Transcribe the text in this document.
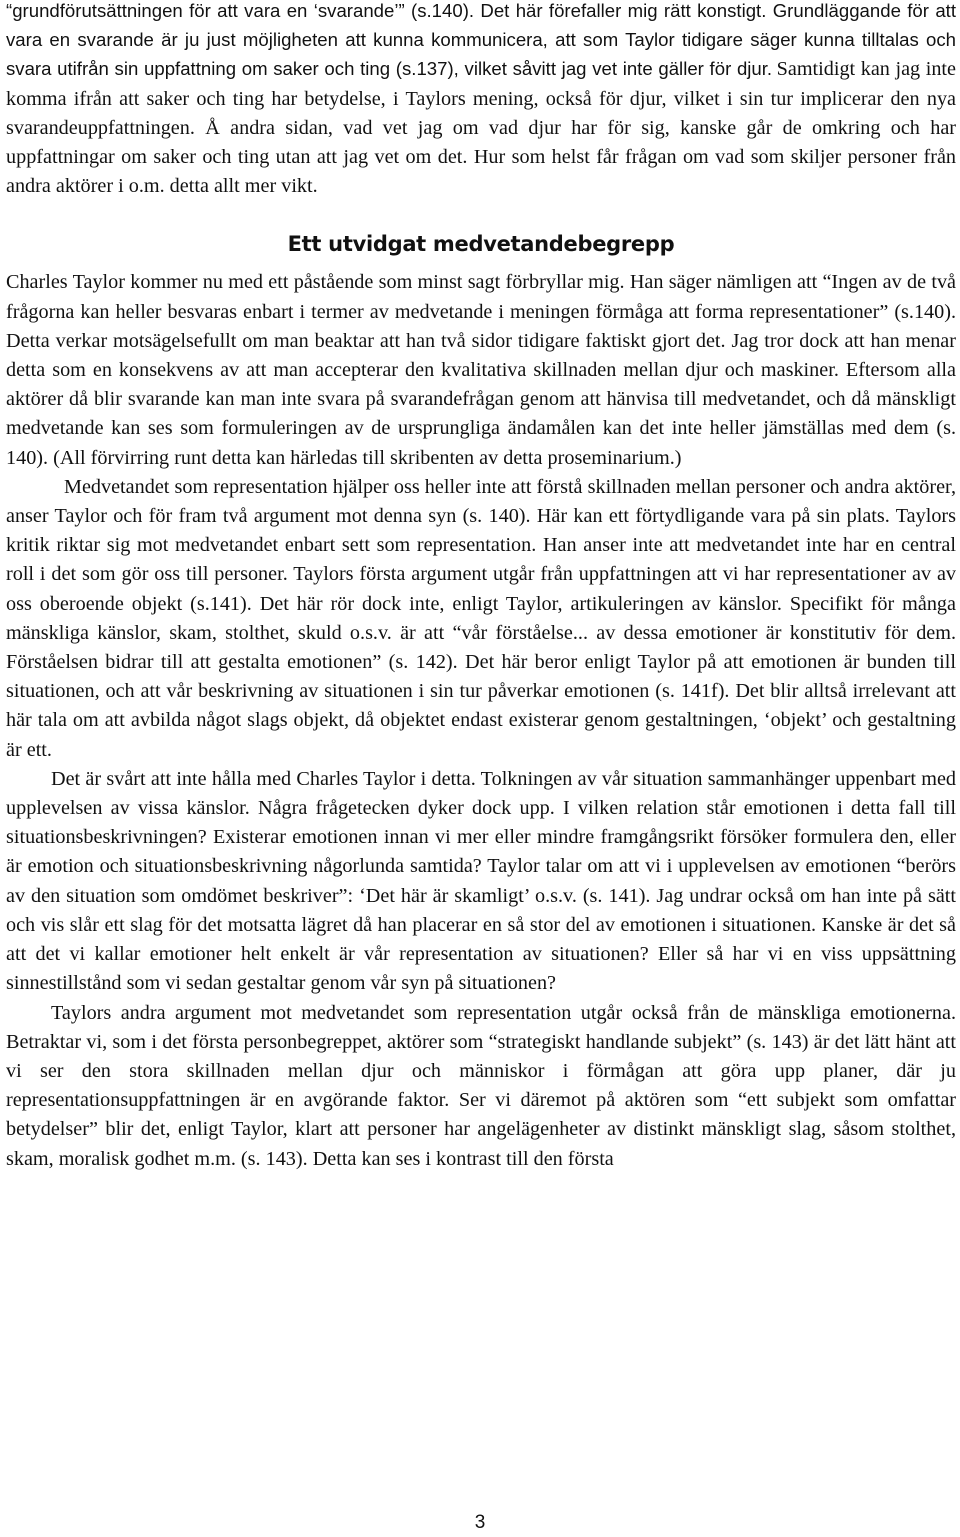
“grundförutsättningen för att vara en ‘svarande’” (s.140). Det här förefaller mig rätt konstigt. Grundläggande för att vara en svarande är ju just möjligheten att kunna kommunicera, att som Taylor tidigare säger kunna tilltalas och svara utifrån sin uppfattning om saker och ting (s.137), vilket såvitt jag vet inte gäller för djur. Samtidigt kan jag inte komma ifrån att saker och ting har betydelse, i Taylors mening, också för djur, vilket i sin tur implicerar den nya svarandeuppfattningen. Å andra sidan, vad vet jag om vad djur har för sig, kanske går de omkring och har uppfattningar om saker och ting utan att jag vet om det. Hur som helst får frågan om vad som skiljer personer från andra aktörer i o.m. detta allt mer vikt.

Ett utvidgat medvetandebegrepp

Charles Taylor kommer nu med ett påstående som minst sagt förbryllar mig. Han säger nämligen att “Ingen av de två frågorna kan heller besvaras enbart i termer av medvetande i meningen förmåga att forma representationer” (s.140). Detta verkar motsägelsefullt om man beaktar att han två sidor tidigare faktiskt gjort det. Jag tror dock att han menar detta som en konsekvens av att man accepterar den kvalitativa skillnaden mellan djur och maskiner. Eftersom alla aktörer då blir svarande kan man inte svara på svarandefrågan genom att hänvisa till medvetandet, och då mänskligt medvetande kan ses som formuleringen av de ursprungliga ändamålen kan det inte heller jämställas med dem (s. 140). (All förvirring runt detta kan härledas till skribenten av detta proseminarium.)

Medvetandet som representation hjälper oss heller inte att förstå skillnaden mellan personer och andra aktörer, anser Taylor och för fram två argument mot denna syn (s. 140). Här kan ett förtydligande vara på sin plats. Taylors kritik riktar sig mot medvetandet enbart sett som representation. Han anser inte att medvetandet inte har en central roll i det som gör oss till personer. Taylors första argument utgår från uppfattningen att vi har representationer av av oss oberoende objekt (s.141). Det här rör dock inte, enligt Taylor, artikuleringen av känslor. Specifikt för många mänskliga känslor, skam, stolthet, skuld o.s.v. är att “vår förståelse... av dessa emotioner är konstitutiv för dem. Förståelsen bidrar till att gestalta emotionen” (s. 142). Det här beror enligt Taylor på att emotionen är bunden till situationen, och att vår beskrivning av situationen i sin tur påverkar emotionen (s. 141f). Det blir alltså irrelevant att här tala om att avbilda något slags objekt, då objektet endast existerar genom gestaltningen, ‘objekt’ och gestaltning är ett.

Det är svårt att inte hålla med Charles Taylor i detta. Tolkningen av vår situation sammanhänger uppenbart med upplevelsen av vissa känslor. Några frågetecken dyker dock upp. I vilken relation står emotionen i detta fall till situationsbeskrivningen? Existerar emotionen innan vi mer eller mindre framgångsrikt försöker formulera den, eller är emotion och situationsbeskrivning någorlunda samtida? Taylor talar om att vi i upplevelsen av emotionen “berörs av den situation som omdömet beskriver”: ‘Det här är skamligt’ o.s.v. (s. 141). Jag undrar också om han inte på sätt och vis slår ett slag för det motsatta lägret då han placerar en så stor del av emotionen i situationen. Kanske är det så att det vi kallar emotioner helt enkelt är vår representation av situationen? Eller så har vi en viss uppsättning sinnestillstånd som vi sedan gestaltar genom vår syn på situationen?

Taylors andra argument mot medvetandet som representation utgår också från de mänskliga emotionerna. Betraktar vi, som i det första personbegreppet, aktörer som “strategiskt handlande subjekt” (s. 143) är det lätt hänt att vi ser den stora skillnaden mellan djur och människor i förmågan att göra upp planer, där ju representationsuppfattningen är en avgörande faktor. Ser vi däremot på aktören som “ett subjekt som omfattar betydelser” blir det, enligt Taylor, klart att personer har angelägenheter av distinkt mänskligt slag, såsom stolthet, skam, moralisk godhet m.m. (s. 143). Detta kan ses i kontrast till den första

3
